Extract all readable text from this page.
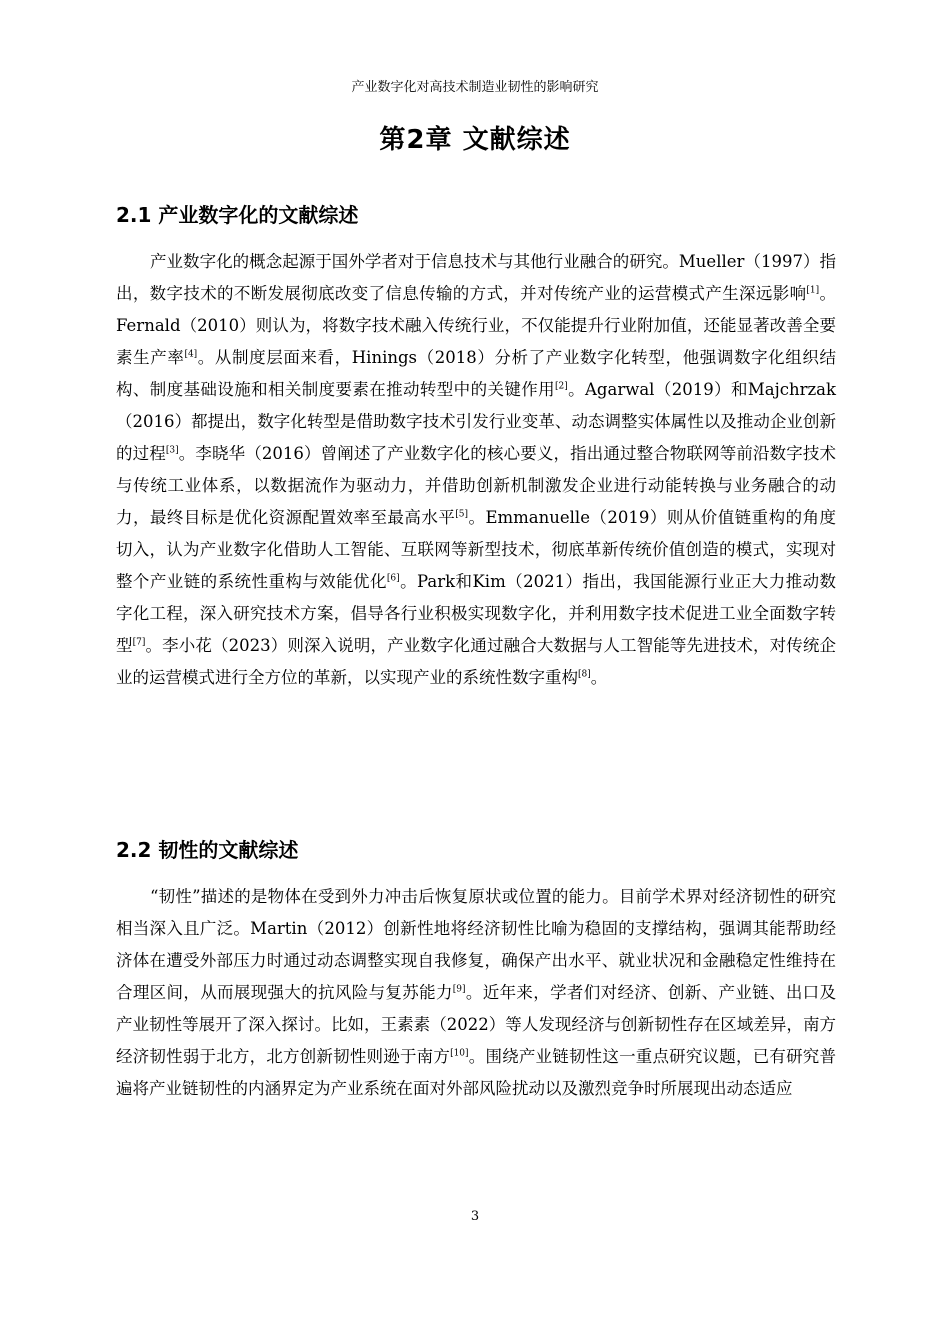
产业数字化对高技术制造业韧性的影响研究
第2章 文献综述
2.1 产业数字化的文献综述

产业数字化的概念起源于国外学者对于信息技术与其他行业融合的研究。Mueller（1997）指出，数字技术的不断发展彻底改变了信息传输的方式，并对传统产业的运营模式产生深远影响[1]。Fernald（2010）则认为，将数字技术融入传统行业，不仅能提升行业附加值，还能显著改善全要素生产率[4]。从制度层面来看，Hinings（2018）分析了产业数字化转型，他强调数字化组织结构、制度基础设施和相关制度要素在推动转型中的关键作用[2]。Agarwal（2019）和Majchrzak（2016）都提出，数字化转型是借助数字技术引发行业变革、动态调整实体属性以及推动企业创新的过程[3]。李晓华（2016）曾阐述了产业数字化的核心要义，指出通过整合物联网等前沿数字技术与传统工业体系，以数据流作为驱动力，并借助创新机制激发企业进行动能转换与业务融合的动力，最终目标是优化资源配置效率至最高水平[5]。Emmanuelle（2019）则从价值链重构的角度切入，认为产业数字化借助人工智能、互联网等新型技术，彻底革新传统价值创造的模式，实现对整个产业链的系统性重构与效能优化[6]。Park和Kim（2021）指出，我国能源行业正大力推动数字化工程，深入研究技术方案，倡导各行业积极实现数字化，并利用数字技术促进工业全面数字转型[7]。李小花（2023）则深入说明，产业数字化通过融合大数据与人工智能等先进技术，对传统企业的运营模式进行全方位的革新，以实现产业的系统性数字重构[8]。

2.2 韧性的文献综述

“韧性”描述的是物体在受到外力冲击后恢复原状或位置的能力。目前学术界对经济韧性的研究相当深入且广泛。Martin（2012）创新性地将经济韧性比喻为稳固的支撑结构，强调其能帮助经济体在遭受外部压力时通过动态调整实现自我修复，确保产出水平、就业状况和金融稳定性维持在合理区间，从而展现强大的抗风险与复苏能力[9]。近年来，学者们对经济、创新、产业链、出口及产业韧性等展开了深入探讨。比如，王素素（2022）等人发现经济与创新韧性存在区域差异，南方经济韧性弱于北方，北方创新韧性则逊于南方[10]。围绕产业链韧性这一重点研究议题，已有研究普遍将产业链韧性的内涵界定为产业系统在面对外部风险扰动以及激烈竞争时所展现出动态适应

3
